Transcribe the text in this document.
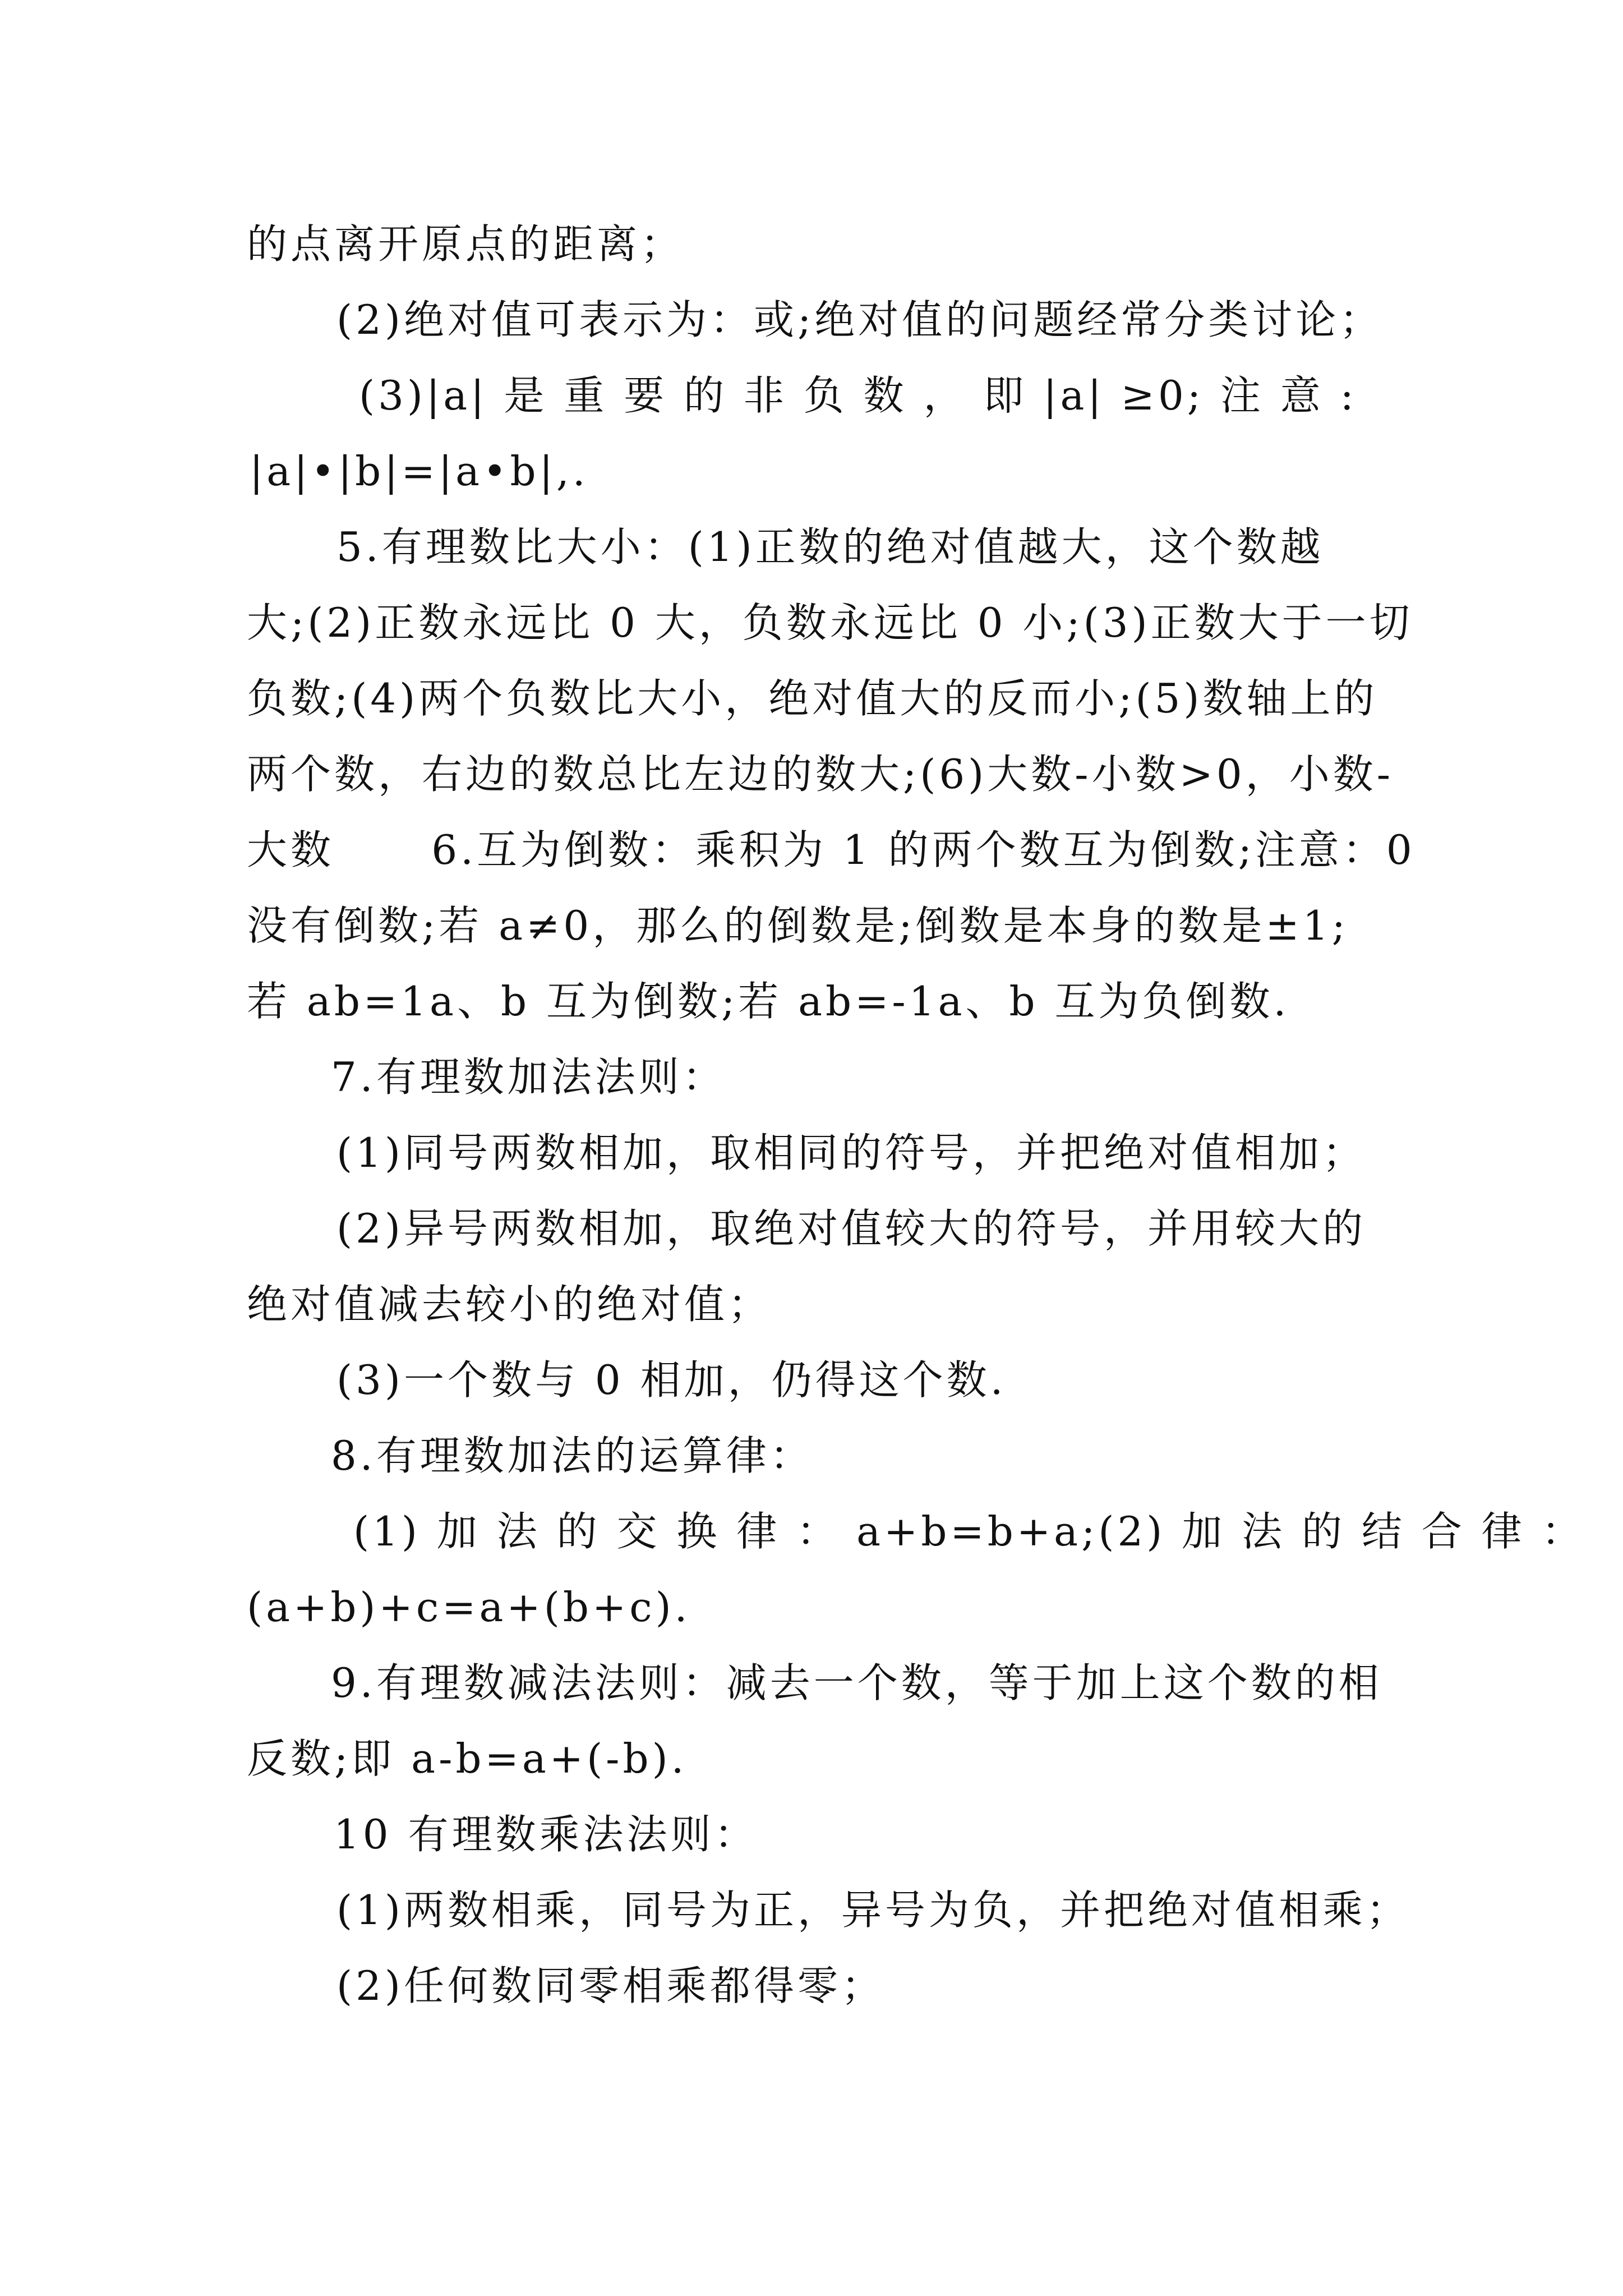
的点离开原点的距离；
(2)绝对值可表示为：或;绝对值的问题经常分类讨论；
(3)|a| 是 重 要 的 非 负 数 ， 即 |a| ≥0; 注 意 :
|a|•|b|=|a•b|,.
5.有理数比大小：(1)正数的绝对值越大，这个数越
大;(2)正数永远比 0 大，负数永远比 0 小;(3)正数大于一切
负数;(4)两个负数比大小，绝对值大的反而小;(5)数轴上的
两个数，右边的数总比左边的数大;(6)大数-小数>0，小数-
大数      6.互为倒数：乘积为 1 的两个数互为倒数;注意：0
没有倒数;若 a≠0，那么的倒数是;倒数是本身的数是±1;
若 ab=1a、b 互为倒数;若 ab=-1a、b 互为负倒数.
7.有理数加法法则：
(1)同号两数相加，取相同的符号，并把绝对值相加；
(2)异号两数相加，取绝对值较大的符号，并用较大的
绝对值减去较小的绝对值；
(3)一个数与 0 相加，仍得这个数.
8.有理数加法的运算律：
(1) 加 法 的 交 换 律 ： a+b=b+a;(2) 加 法 的 结 合 律 ：
(a+b)+c=a+(b+c).
9.有理数减法法则：减去一个数，等于加上这个数的相
反数;即 a-b=a+(-b).
10 有理数乘法法则：
(1)两数相乘，同号为正，异号为负，并把绝对值相乘；
(2)任何数同零相乘都得零；
